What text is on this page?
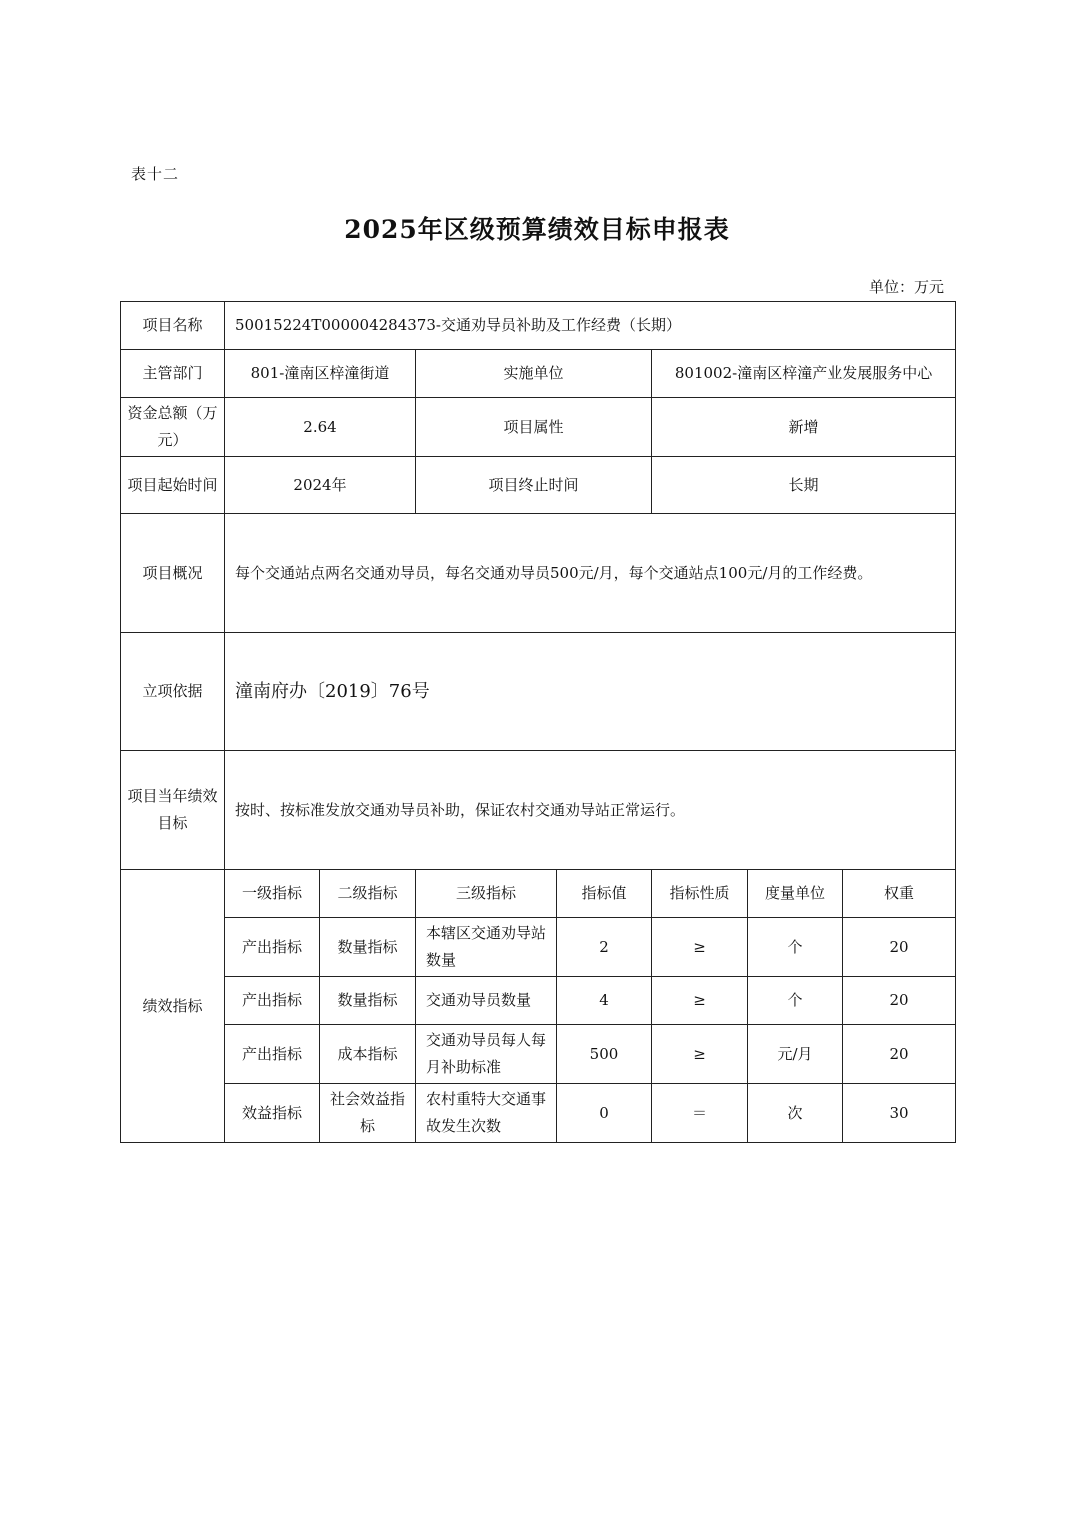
表十二
2025年区级预算绩效目标申报表
单位：万元
项目名称	50015224T000004284373-交通劝导员补助及工作经费（长期）						
主管部门	801-潼南区梓潼街道		实施单位		801002-潼南区梓潼产业发展服务中心		
资金总额（万元）	2.64		项目属性		新增		
项目起始时间	2024年		项目终止时间		长期		
项目概况	每个交通站点两名交通劝导员，每名交通劝导员500元/月，每个交通站点100元/月的工作经费。						
立项依据	潼南府办〔2019〕76号						
项目当年绩效目标	按时、按标准发放交通劝导员补助，保证农村交通劝导站正常运行。						
绩效指标	一级指标	二级指标	三级指标	指标值	指标性质	度量单位	权重
	产出指标	数量指标	本辖区交通劝导站数量	2	≥	个	20
	产出指标	数量指标	交通劝导员数量	4	≥	个	20
	产出指标	成本指标	交通劝导员每人每月补助标准	500	≥	元/月	20
	效益指标	社会效益指标	农村重特大交通事故发生次数	0	＝	次	30
